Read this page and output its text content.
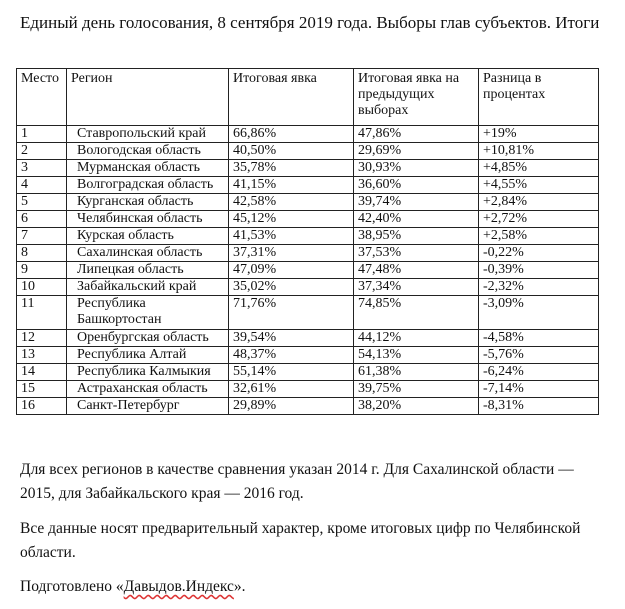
Единый день голосования, 8 сентября 2019 года. Выборы глав субъектов. Итоги
Место	Регион	Итоговая явка	Итоговая явка на предыдущих выборах	Разница в процентах
1	Ставропольский край	66,86%	47,86%	+19%
2	Вологодская область	40,50%	29,69%	+10,81%
3	Мурманская область	35,78%	30,93%	+4,85%
4	Волгоградская область	41,15%	36,60%	+4,55%
5	Курганская область	42,58%	39,74%	+2,84%
6	Челябинская область	45,12%	42,40%	+2,72%
7	Курская область	41,53%	38,95%	+2,58%
8	Сахалинская область	37,31%	37,53%	-0,22%
9	Липецкая область	47,09%	47,48%	-0,39%
10	Забайкальский край	35,02%	37,34%	-2,32%
11	Республика Башкортостан	71,76%	74,85%	-3,09%
12	Оренбургская область	39,54%	44,12%	-4,58%
13	Республика Алтай	48,37%	54,13%	-5,76%
14	Республика Калмыкия	55,14%	61,38%	-6,24%
15	Астраханская область	32,61%	39,75%	-7,14%
16	Санкт-Петербург	29,89%	38,20%	-8,31%

Для всех регионов в качестве сравнения указан 2014 г. Для Сахалинской области — 2015, для Забайкальского края — 2016 год.

Все данные носят предварительный характер, кроме итоговых цифр по Челябинской области.

Подготовлено «Давыдов.Индекс».
